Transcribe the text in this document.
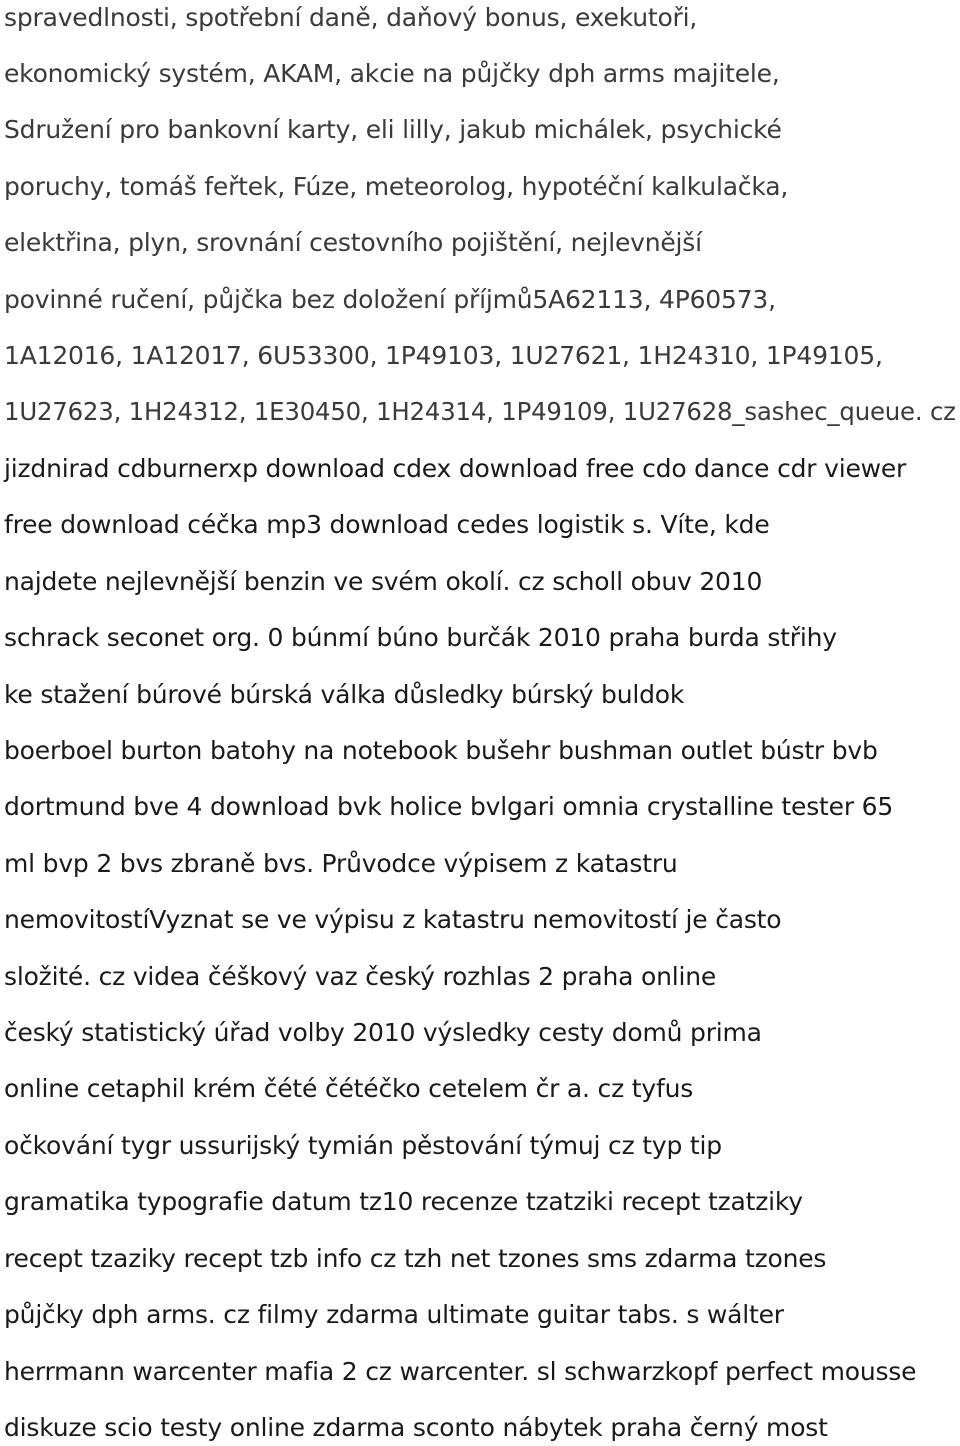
spravedlnosti, spotřební daně, daňový bonus, exekutoři,
ekonomický systém, AKAM, akcie na půjčky dph arms majitele,
Sdružení pro bankovní karty, eli lilly, jakub michálek, psychické
poruchy, tomáš feřtek, Fúze, meteorolog, hypotéční kalkulačka,
elektřina, plyn, srovnání cestovního pojištění, nejlevnější
povinné ručení, půjčka bez doložení příjmů5A62113, 4P60573,
1A12016, 1A12017, 6U53300, 1P49103, 1U27621, 1H24310, 1P49105,
1U27623, 1H24312, 1E30450, 1H24314, 1P49109, 1U27628_sashec_queue. cz
jizdnirad cdburnerxp download cdex download free cdo dance cdr viewer
free download céčka mp3 download cedes logistik s. Víte, kde
najdete nejlevnější benzin ve svém okolí. cz scholl obuv 2010
schrack seconet org. 0 búnmí búno burčák 2010 praha burda střihy
ke stažení búrové búrská válka důsledky búrský buldok
boerboel burton batohy na notebook bušehr bushman outlet bústr bvb
dortmund bve 4 download bvk holice bvlgari omnia crystalline tester 65
ml bvp 2 bvs zbraně bvs. Průvodce výpisem z katastru
nemovitostíVyznat se ve výpisu z katastru nemovitostí je často
složité. cz videa čéškový vaz český rozhlas 2 praha online
český statistický úřad volby 2010 výsledky cesty domů prima
online cetaphil krém čété čétéčko cetelem čr a. cz tyfus
očkování tygr ussurijský tymián pěstování týmuj cz typ tip
gramatika typografie datum tz10 recenze tzatziki recept tzatziky
recept tzaziky recept tzb info cz tzh net tzones sms zdarma tzones
půjčky dph arms. cz filmy zdarma ultimate guitar tabs. s wálter
herrmann warcenter mafia 2 cz warcenter. sl schwarzkopf perfect mousse
diskuze scio testy online zdarma sconto nábytek praha černý most
